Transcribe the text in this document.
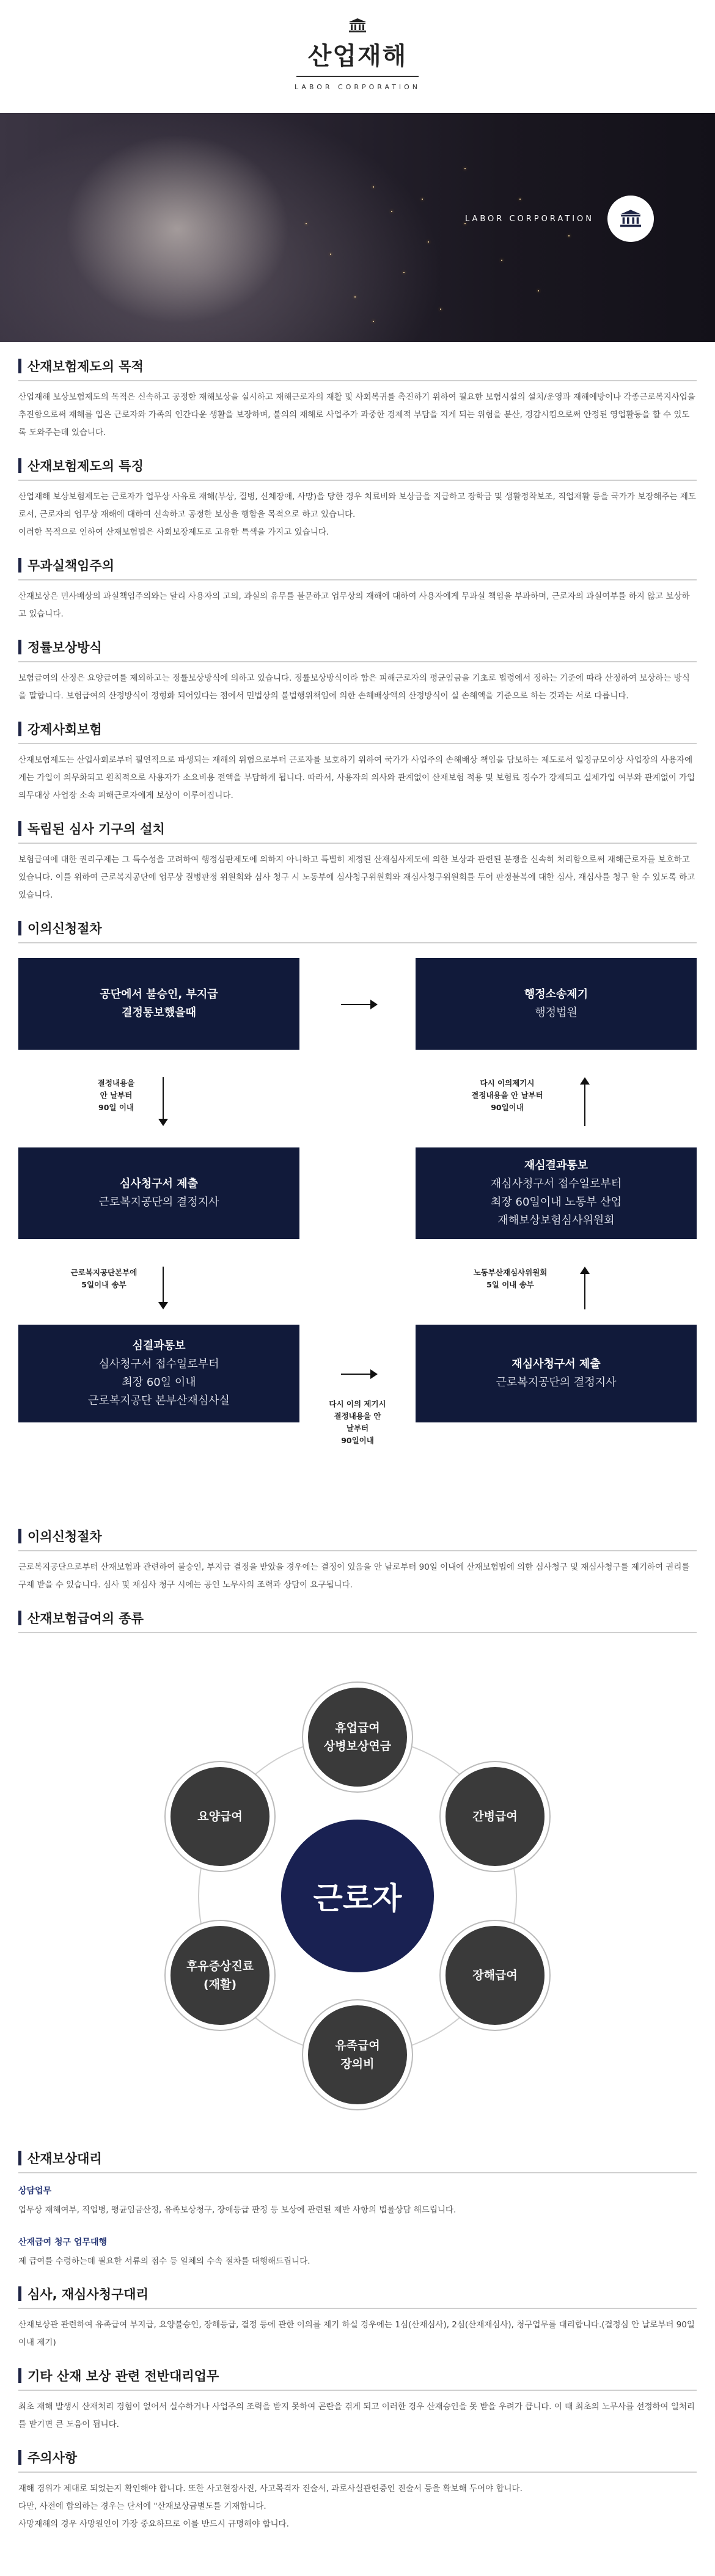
산업재해
LABOR CORPORATION
LABOR CORPORATION
산재보험제도의 목적

산업재해 보상보험제도의 목적은 신속하고 공정한 재해보상을 실시하고 재해근로자의 재활 및 사회복귀를 촉진하기 위하여 필요한 보험시설의 설치/운영과 재해예방이나 각종근로복지사업을 추진함으로써 재해를 입은 근로자와 가족의 인간다운 생활을 보장하며, 불의의 재해로 사업주가 과중한 경제적 부담을 지게 되는 위험을 분산, 경감시킴으로써 안정된 영업활동을 할 수 있도록 도와주는데 있습니다.

산재보험제도의 특징

산업재해 보상보험제도는 근로자가 업무상 사유로 재해(부상, 질병, 신체장애, 사망)을 당한 경우 치료비와 보상금을 지급하고 장학금 및 생활정착보조, 직업재활 등을 국가가 보장해주는 제도로서, 근로자의 업무상 재해에 대하여 신속하고 공정한 보상을 행함을 목적으로 하고 있습니다.

이러한 목적으로 인하여 산재보험법은 사회보장제도로 고유한 특색을 가지고 있습니다.

무과실책임주의

산재보상은 민사배상의 과실책임주의와는 달리 사용자의 고의, 과실의 유무를 불문하고 업무상의 재해에 대하여 사용자에게 무과실 책임을 부과하며, 근로자의 과실여부를 하지 않고 보상하고 있습니다.

정률보상방식

보험급여의 산정은 요양급여를 제외하고는 정률보상방식에 의하고 있습니다. 정률보상방식이라 함은 피해근로자의 평균임금을 기초로 법령에서 정하는 기준에 따라 산정하여 보상하는 방식을 말합니다. 보험급여의 산정방식이 정형화 되어있다는 점에서 민법상의 불법행위책임에 의한 손해배상액의 산정방식이 실 손해액을 기준으로 하는 것과는 서로 다릅니다.

강제사회보험

산재보험제도는 산업사회로부터 필연적으로 파생되는 재해의 위험으로부터 근로자를 보호하기 위하여 국가가 사업주의 손해배상 책임을 담보하는 제도로서 일정규모이상 사업장의 사용자에게는 가입이 의무화되고 원칙적으로 사용자가 소요비용 전액을 부담하게 됩니다. 따라서, 사용자의 의사와 관계없이 산재보험 적용 및 보험료 징수가 강제되고 실제가입 여부와 관계없이 가입의무대상 사업장 소속 피해근로자에게 보상이 이루어집니다.

독립된 심사 기구의 설치

보험급여에 대한 권리구제는 그 특수성을 고려하여 행정심판제도에 의하지 아니하고 특별히 제정된 산재심사제도에 의한 보상과 관련된 분쟁을 신속히 처리함으로써 재해근로자를 보호하고 있습니다. 이를 위하여 근로복지공단에 업무상 질병판정 위원회와 심사 청구 시 노동부에 심사청구위원회와 재심사청구위원회를 두어 판정불복에 대한 심사, 재심사를 청구 할 수 있도록 하고 있습니다.

이의신청절차
공단에서 불승인, 부지급
결정통보했을때
행정소송제기
행정법원
결정내용을
안 날부터
90일 이내
다시 이의제기시
결정내용을 안 날부터
90일이내
심사청구서 제출
근로복지공단의 결정지사
재심결과통보
재심사청구서 접수일로부터
최장 60일이내 노동부 산업
재해보상보험심사위원회
근로복지공단본부에
5일이내 송부
노동부산재심사위원회
5일 이내 송부
심결과통보
심사청구서 접수일로부터
최장 60일 이내
근로복지공단 본부산재심사실
재심사청구서 제출
근로복지공단의 결정지사
다시 이의 제기시
결정내용을 안
날부터
90일이내
이의신청절차

근로복지공단으로부터 산재보험과 관련하여 불승인, 부지급 결정을 받았을 경우에는 결정이 있음을 안 날로부터 90일 이내에 산재보험법에 의한 심사청구 및 재심사청구를 제기하여 권리를 구제 받을 수 있습니다. 심사 및 재심사 청구 시에는 공인 노무사의 조력과 상담이 요구됩니다.

산재보험급여의 종류
근로자
휴업급여
상병보상연금
간병급여
장해급여
유족급여
장의비
후유증상진료
(재활)
요양급여
산재보상대리
상담업무
업무상 재해여부, 직업병, 평균임금산정, 유족보상청구, 장애등급 판정 등 보상에 관련된 제반 사항의 법률상담 해드립니다.
산재급여 청구 업무대행
제 급여를 수령하는데 필요한 서류의 접수 등 일체의 수속 절차를 대행해드립니다.
심사, 재심사청구대리

산재보상관 관련하여 유족급여 부지급, 요양불승인, 장해등급, 결정 등에 관한 이의를 제기 하실 경우에는 1심(산재심사), 2심(산재재심사), 청구업무를 대리합니다.(결정심 안 날로부터 90일 이내 제기)

기타 산재 보상 관련 전반대리업무

최초 재해 발생시 산재처리 경험이 없어서 실수하거나 사업주의 조력을 받지 못하여 곤란을 겪게 되고 이러한 경우 산재승인을 못 받을 우려가 큽니다. 이 때 최초의 노무사를 선정하여 일처리를 맡기면 큰 도움이 됩니다.

주의사항

재해 경위가 제대로 되었는지 확인해야 합니다. 또한 사고현장사진, 사고목격자 진술서, 과로사실관련증인 진술서 등을 확보해 두어야 합니다.

다만, 사전에 합의하는 경우는 단서에 "산재보상금별도를 기재합니다.

사망재해의 경우 사망원인이 가장 중요하므로 이를 반드시 규명해야 합니다.
